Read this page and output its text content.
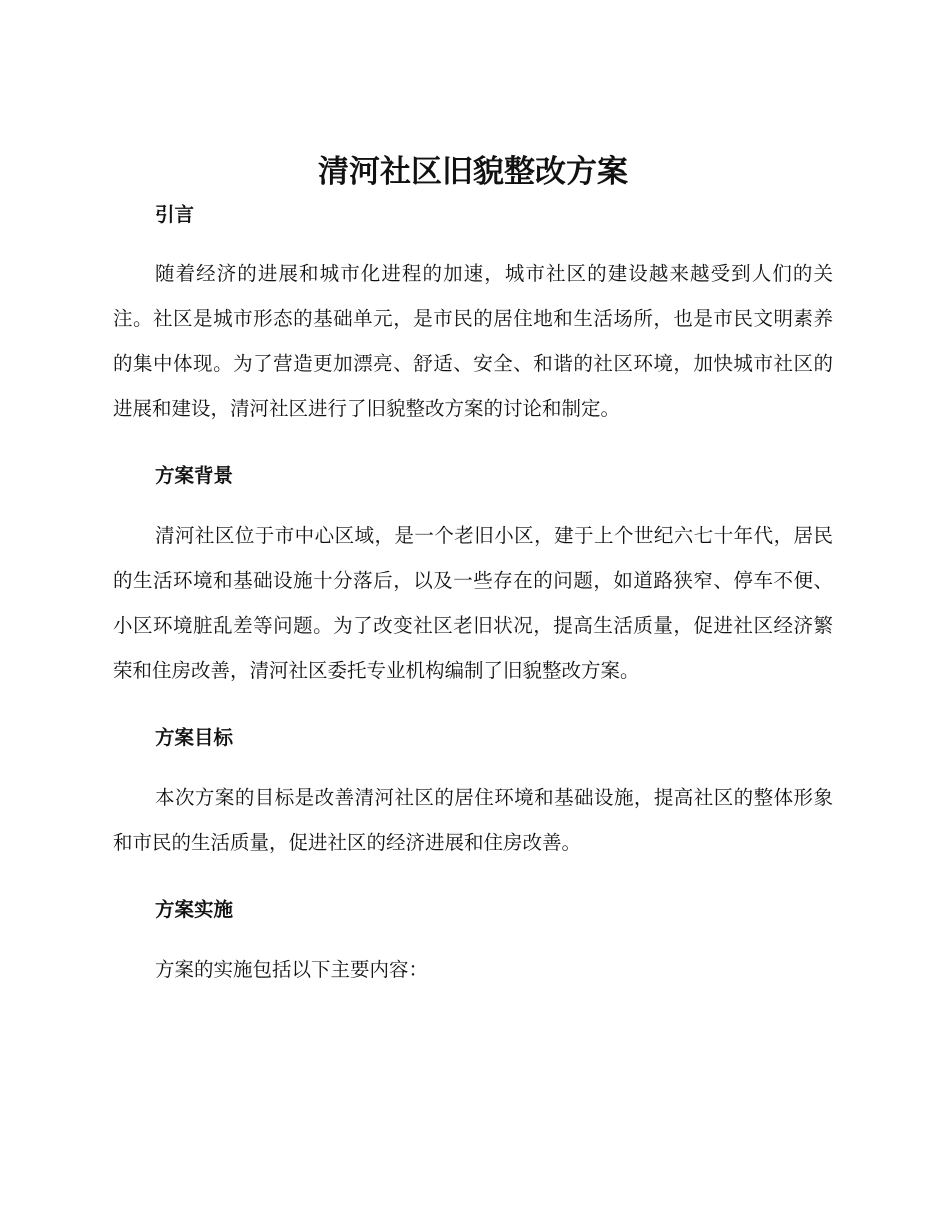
清河社区旧貌整改方案
引言

随着经济的进展和城市化进程的加速，城市社区的建设越来越受到人们的关注。社区是城市形态的基础单元，是市民的居住地和生活场所，也是市民文明素养的集中体现。为了营造更加漂亮、舒适、安全、和谐的社区环境，加快城市社区的进展和建设，清河社区进行了旧貌整改方案的讨论和制定。

方案背景

清河社区位于市中心区域，是一个老旧小区，建于上个世纪六七十年代，居民的生活环境和基础设施十分落后，以及一些存在的问题，如道路狭窄、停车不便、小区环境脏乱差等问题。为了改变社区老旧状况，提高生活质量，促进社区经济繁荣和住房改善，清河社区委托专业机构编制了旧貌整改方案。

方案目标

本次方案的目标是改善清河社区的居住环境和基础设施，提高社区的整体形象和市民的生活质量，促进社区的经济进展和住房改善。

方案实施

方案的实施包括以下主要内容：
